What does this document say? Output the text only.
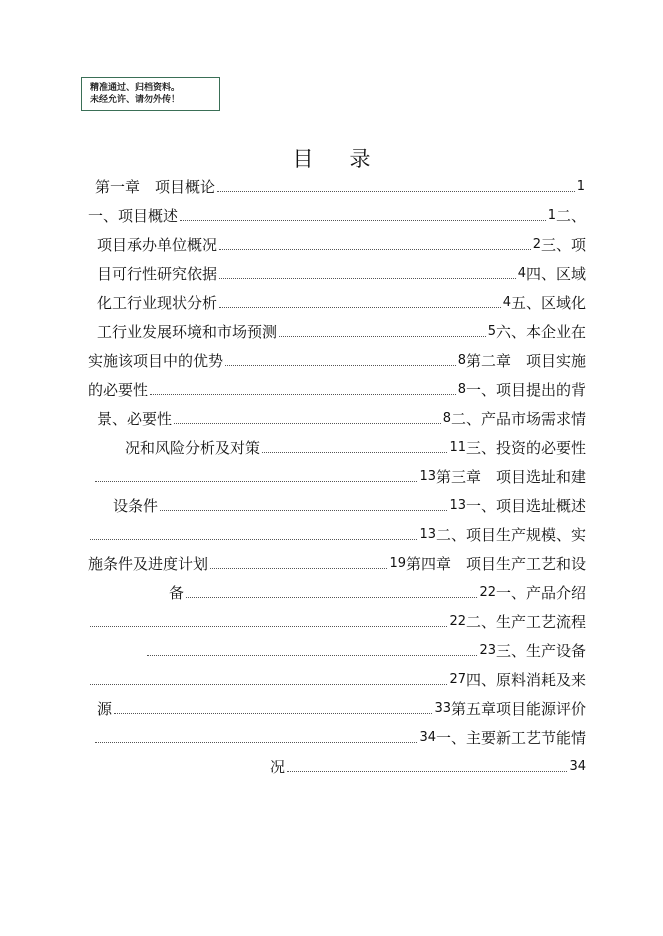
精准通过、归档资料。
未经允许、请勿外传！
目 录
第一章　项目概论	1
一、项目概述	1 二、
项目承办单位概况	2 三、项
目可行性研究依据	4 四、区域
化工行业现状分析	4 五、区域化
工行业发展环境和市场预测	5 六、本企业在
实施该项目中的优势	8 第二章　项目实施
的必要性	8 一、项目提出的背
景、必要性	8 二、产品市场需求情
况和风险分析及对策	11 三、投资的必要性
13 第三章　项目选址和建
设条件	13 一、项目选址概述
13 二、项目生产规模、实
施条件及进度计划	19 第四章　项目生产工艺和设
备	22 一、产品介绍
22 二、生产工艺流程
23 三、生产设备
27 四、原料消耗及来
源	33 第五章项目能源评价
34 一、主要新工艺节能情
况	34
